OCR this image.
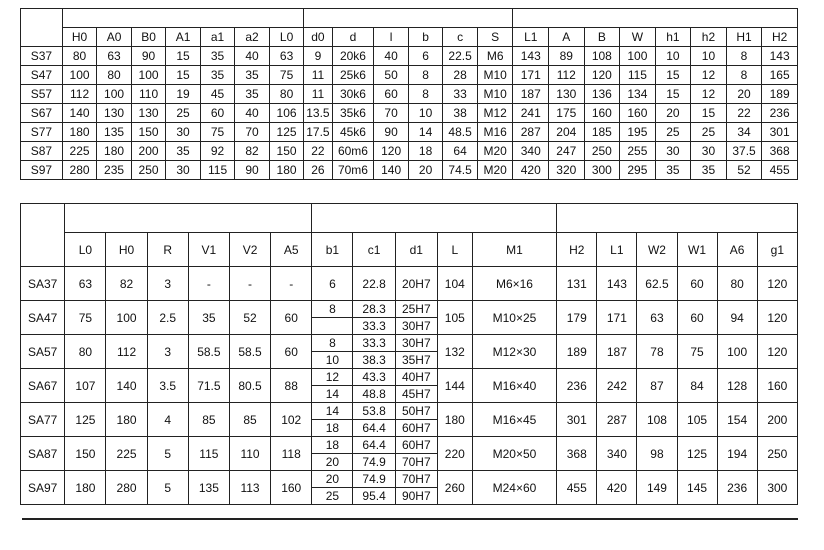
	H0	A0	B0	A1	a1	a2	L0	d0	d	l	b	c	S	L1	A	B	W	h1	h2	H1	H2
S37	80	63	90	15	35	40	63	9	20k6	40	6	22.5	M6	143	89	108	100	10	10	8	143
S47	100	80	100	15	35	35	75	11	25k6	50	8	28	M10	171	112	120	115	15	12	8	165
S57	112	100	110	19	45	35	80	11	30k6	60	8	33	M10	187	130	136	134	15	12	20	189
S67	140	130	130	25	60	40	106	13.5	35k6	70	10	38	M12	241	175	160	160	20	15	22	236
S77	180	135	150	30	75	70	125	17.5	45k6	90	14	48.5	M16	287	204	185	195	25	25	34	301
S87	225	180	200	35	92	82	150	22	60m6	120	18	64	M20	340	247	250	255	30	30	37.5	368
S97	280	235	250	30	115	90	180	26	70m6	140	20	74.5	M20	420	320	300	295	35	35	52	455

	L0	H0	R	V1	V2	A5	b1	c1	d1	L	M1	H2	L1	W2	W1	A6	g1
SA37	63	82	3	-	-	-	6	22.8	20H7	104	M6×16	131	143	62.5	60	80	120
SA47	75	100	2.5	35	52	60	8	28.3	25H7	105	M10×25	179	171	63	60	94	120
								33.3	30H7								
SA57	80	112	3	58.5	58.5	60	8	33.3	30H7	132	M12×30	189	187	78	75	100	120
							10	38.3	35H7								
SA67	107	140	3.5	71.5	80.5	88	12	43.3	40H7	144	M16×40	236	242	87	84	128	160
							14	48.8	45H7								
SA77	125	180	4	85	85	102	14	53.8	50H7	180	M16×45	301	287	108	105	154	200
							18	64.4	60H7								
SA87	150	225	5	115	110	118	18	64.4	60H7	220	M20×50	368	340	98	125	194	250
							20	74.9	70H7								
SA97	180	280	5	135	113	160	20	74.9	70H7	260	M24×60	455	420	149	145	236	300
							25	95.4	90H7								
